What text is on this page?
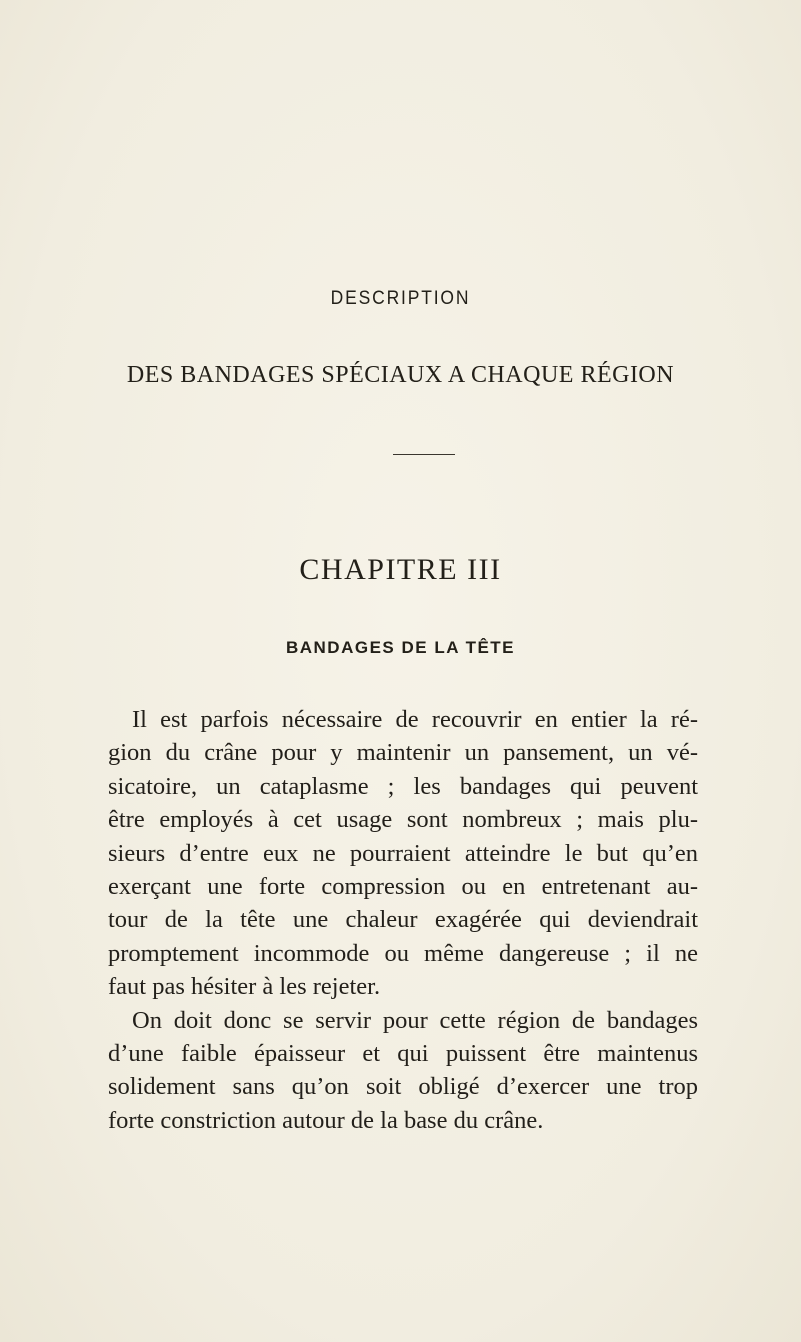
DESCRIPTION
DES BANDAGES SPÉCIAUX A CHAQUE RÉGION
CHAPITRE III
BANDAGES DE LA TÊTE
Il est parfois nécessaire de recouvrir en entier la ré-
gion du crâne pour y maintenir un pansement, un vé-
sicatoire, un cataplasme ; les bandages qui peuvent
être employés à cet usage sont nombreux ; mais plu-
sieurs d’entre eux ne pourraient atteindre le but qu’en
exerçant une forte compression ou en entretenant au-
tour de la tête une chaleur exagérée qui deviendrait
promptement incommode ou même dangereuse ; il ne
faut pas hésiter à les rejeter.
On doit donc se servir pour cette région de bandages
d’une faible épaisseur et qui puissent être maintenus
solidement sans qu’on soit obligé d’exercer une trop
forte constriction autour de la base du crâne.
